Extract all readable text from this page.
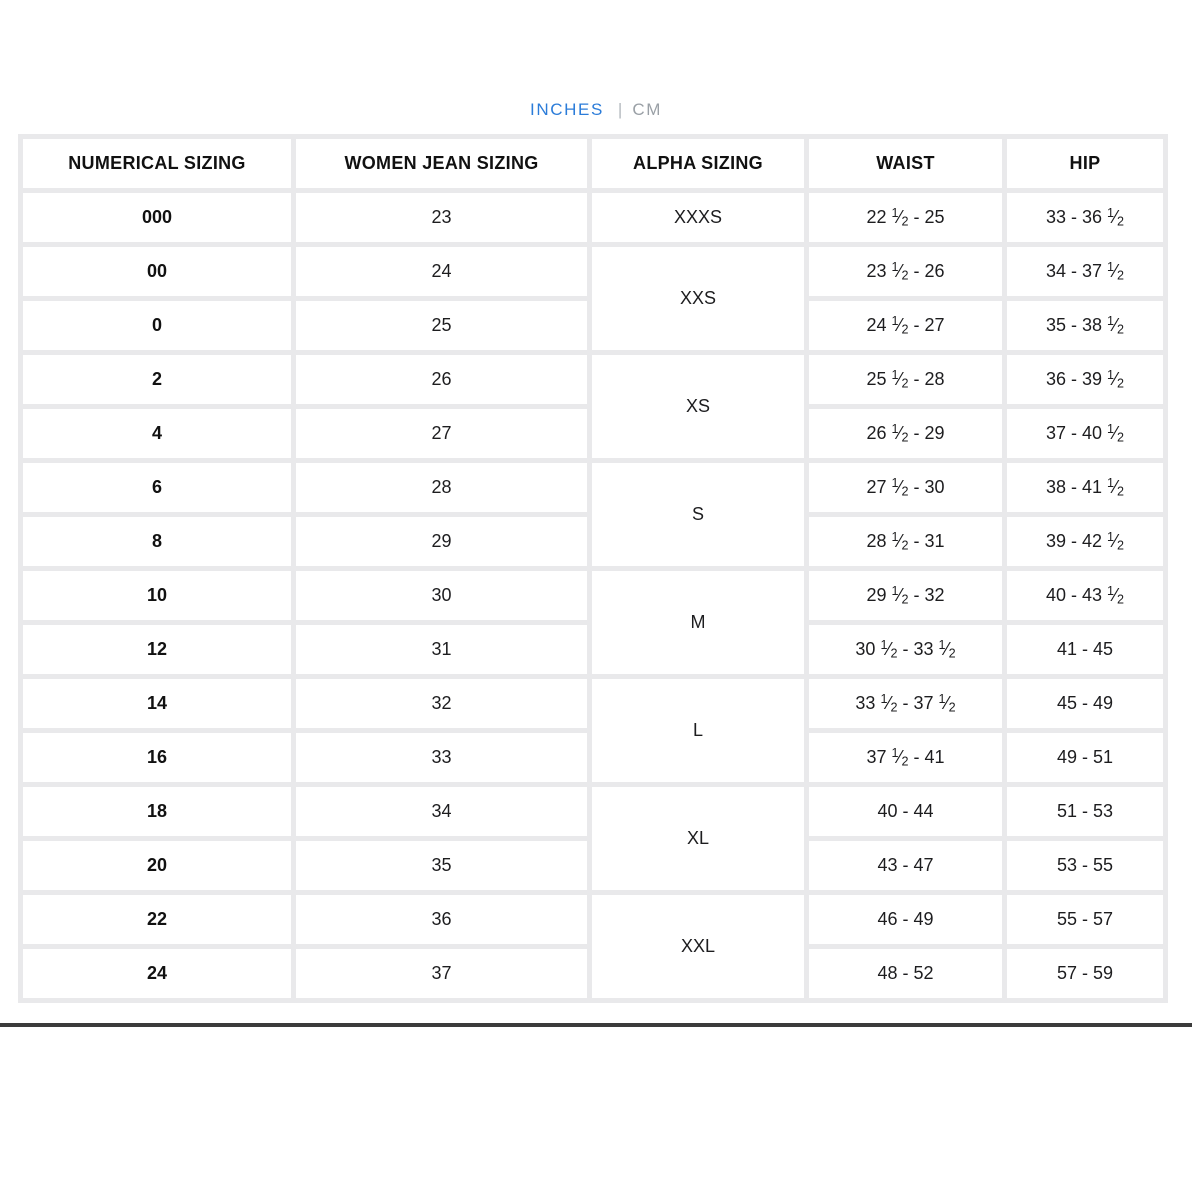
INCHES | CM
NUMERICAL SIZING	WOMEN JEAN SIZING	ALPHA SIZING	WAIST	HIP
000	23	XXXS	22 $^1$⁄2 - 25	33 - 36 $^1$⁄2
00	24	XXS	23 $^1$⁄2 - 26	34 - 37 $^1$⁄2
0	25		24 $^1$⁄2 - 27	35 - 38 $^1$⁄2
2	26	XS	25 $^1$⁄2 - 28	36 - 39 $^1$⁄2
4	27		26 $^1$⁄2 - 29	37 - 40 $^1$⁄2
6	28	S	27 $^1$⁄2 - 30	38 - 41 $^1$⁄2
8	29		28 $^1$⁄2 - 31	39 - 42 $^1$⁄2
10	30	M	29 $^1$⁄2 - 32	40 - 43 $^1$⁄2
12	31		30 $^1$⁄2 - 33 $^1$⁄2	41 - 45
14	32	L	33 $^1$⁄2 - 37 $^1$⁄2	45 - 49
16	33		37 $^1$⁄2 - 41	49 - 51
18	34	XL	40 - 44	51 - 53
20	35		43 - 47	53 - 55
22	36	XXL	46 - 49	55 - 57
24	37		48 - 52	57 - 59
